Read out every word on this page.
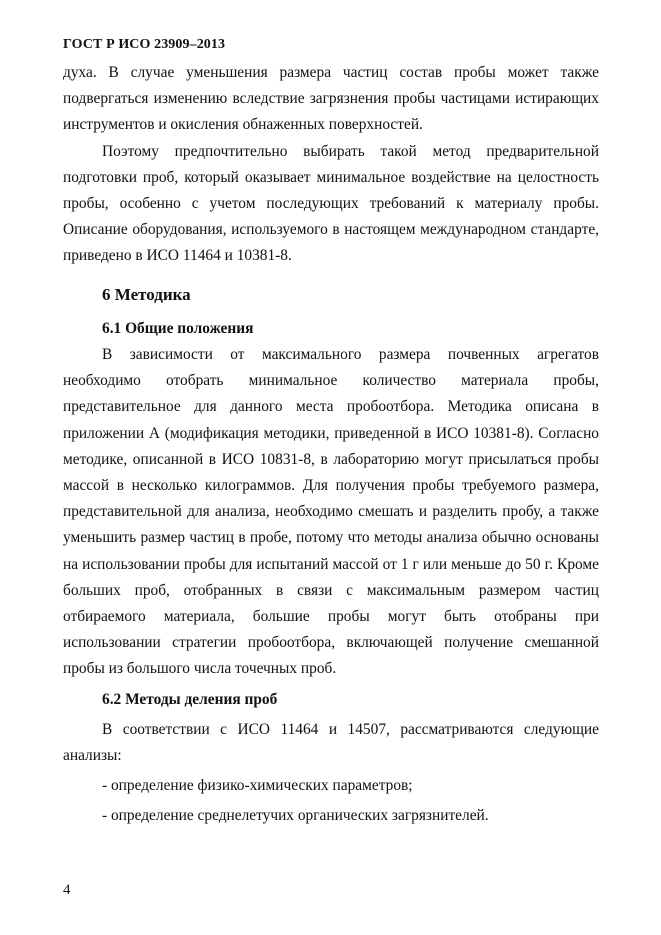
ГОСТ Р ИСО 23909–2013

духа. В случае уменьшения размера частиц состав пробы может также подвергаться изменению вследствие загрязнения пробы частицами истирающих инструментов и окисления обнаженных поверхностей.

Поэтому предпочтительно выбирать такой метод предварительной подготовки проб, который оказывает минимальное воздействие на целостность пробы, особенно с учетом последующих требований к материалу пробы. Описание оборудования, используемого в настоящем международном стандарте, приведено в ИСО 11464 и 10381-8.

6 Методика

6.1 Общие положения

В зависимости от максимального размера почвенных агрегатов необходимо отобрать минимальное количество материала пробы, представительное для данного места пробоотбора. Методика описана в приложении А (модификация методики, приведенной в ИСО 10381-8). Согласно методике, описанной в ИСО 10831-8, в лабораторию могут присылаться пробы массой в несколько килограммов. Для получения пробы требуемого размера, представительной для анализа, необходимо смешать и разделить пробу, а также уменьшить размер частиц в пробе, потому что методы анализа обычно основаны на использовании пробы для испытаний массой от 1 г или меньше до 50 г. Кроме больших проб, отобранных в связи с максимальным размером частиц отбираемого материала, большие пробы могут быть отобраны при использовании стратегии пробоотбора, включающей получение смешанной пробы из большого числа точечных проб.

6.2 Методы деления проб

В соответствии с ИСО 11464 и 14507, рассматриваются следующие анализы:

- определение физико-химических параметров;

- определение среднелетучих органических загрязнителей.

4
